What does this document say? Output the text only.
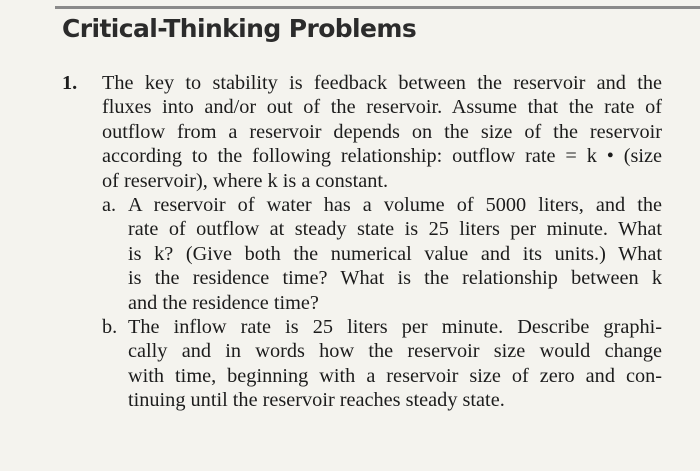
Critical-Thinking Problems
1.	The key to stability is feedback between the reservoir and the
fluxes into and/or out of the reservoir. Assume that the rate of
outflow from a reservoir depends on the size of the reservoir
according to the following relationship: outflow rate = k • (size
of reservoir), where k is a constant.
a. A reservoir of water has a volume of 5000 liters, and the
rate of outflow at steady state is 25 liters per minute. What
is k? (Give both the numerical value and its units.) What
is the residence time? What is the relationship between k
and the residence time?
b. The inflow rate is 25 liters per minute. Describe graphi-
cally and in words how the reservoir size would change
with time, beginning with a reservoir size of zero and con-
tinuing until the reservoir reaches steady state.
